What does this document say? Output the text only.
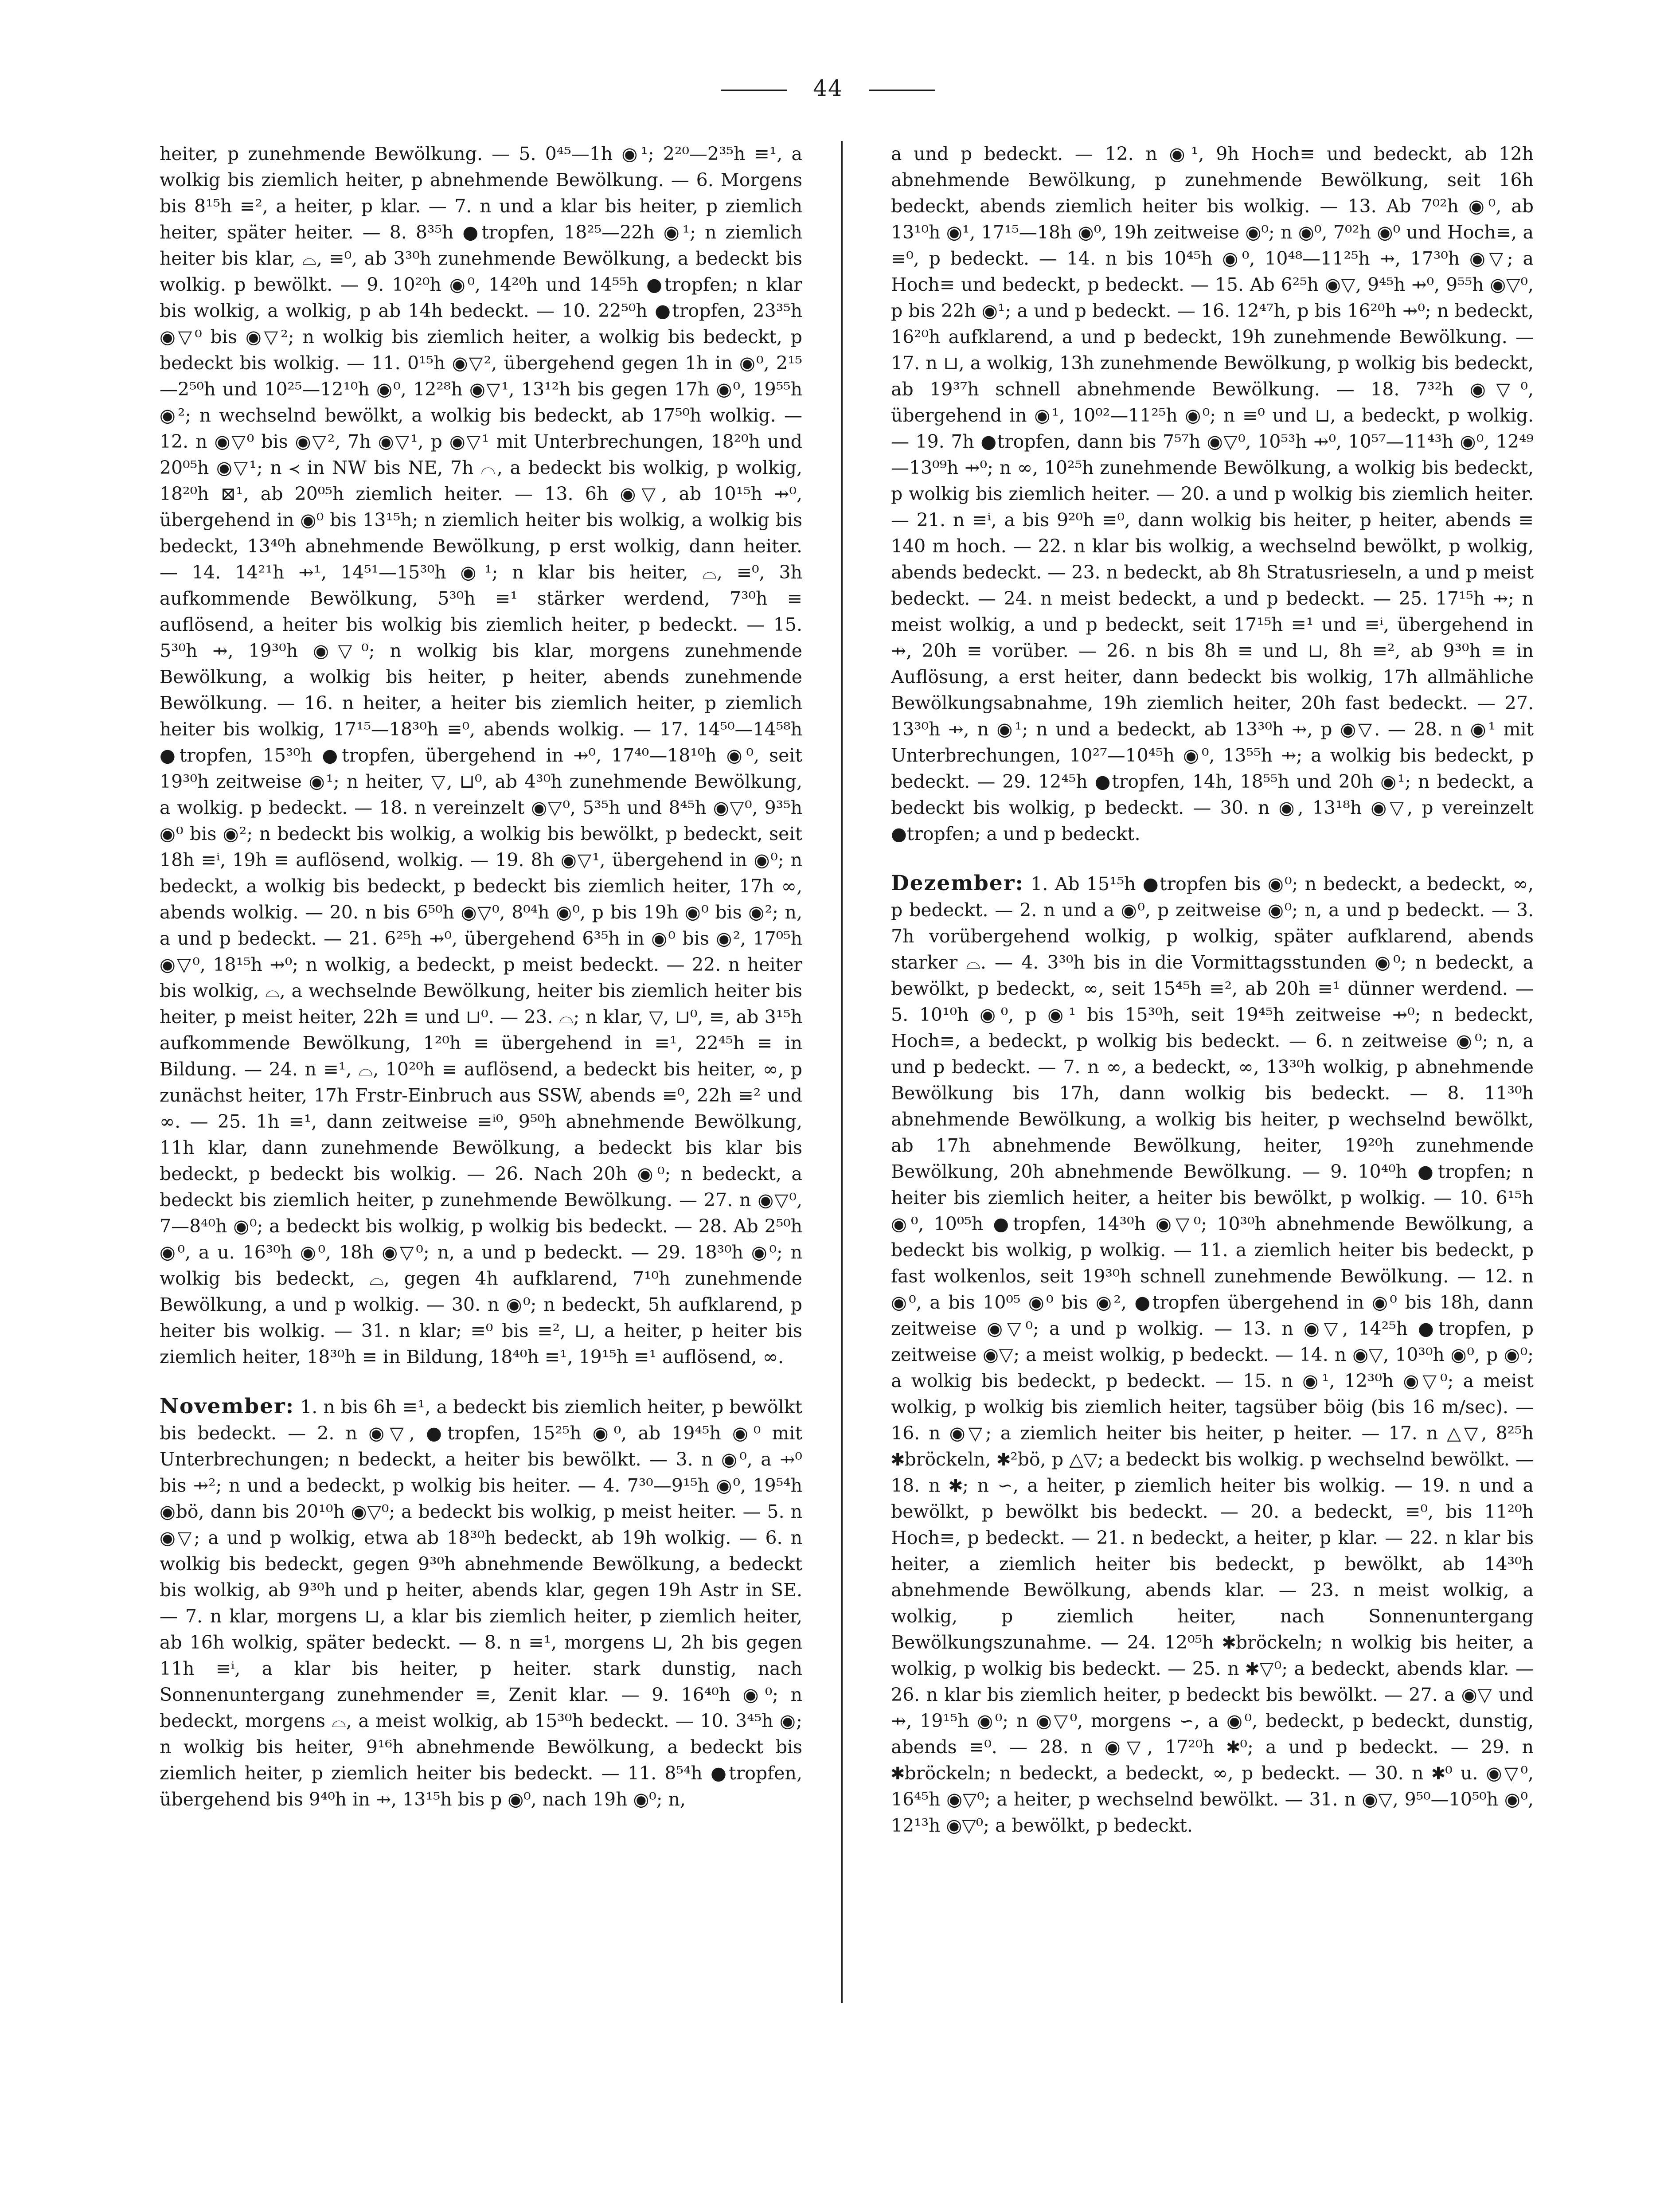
44

heiter, p zunehmende Bewölkung. — 5. 0⁴⁵—1h ◉¹; 2²⁰—2³⁵h ≡¹, a wolkig bis ziemlich heiter, p abnehmende Bewölkung. — 6. Morgens bis 8¹⁵h ≡², a heiter, p klar. — 7. n und a klar bis heiter, p ziemlich heiter, später heiter. — 8. 8³⁵h ●tropfen, 18²⁵—22h ◉¹; n ziemlich heiter bis klar, ⌓, ≡⁰, ab 3³⁰h zunehmende Bewölkung, a bedeckt bis wolkig. p bewölkt. — 9. 10²⁰h ◉⁰, 14²⁰h und 14⁵⁵h ●tropfen; n klar bis wolkig, a wolkig, p ab 14h bedeckt. — 10. 22⁵⁰h ●tropfen, 23³⁵h ◉▽⁰ bis ◉▽²; n wolkig bis ziemlich heiter, a wolkig bis bedeckt, p bedeckt bis wolkig. — 11. 0¹⁵h ◉▽², übergehend gegen 1h in ◉⁰, 2¹⁵—2⁵⁰h und 10²⁵—12¹⁰h ◉⁰, 12²⁸h ◉▽¹, 13¹²h bis gegen 17h ◉⁰, 19⁵⁵h ◉²; n wechselnd bewölkt, a wolkig bis bedeckt, ab 17⁵⁰h wolkig. — 12. n ◉▽⁰ bis ◉▽², 7h ◉▽¹, p ◉▽¹ mit Unterbrechungen, 18²⁰h und 20⁰⁵h ◉▽¹; n ≺ in NW bis NE, 7h ⌒, a bedeckt bis wolkig, p wolkig, 18²⁰h ⊠¹, ab 20⁰⁵h ziemlich heiter. — 13. 6h ◉▽, ab 10¹⁵h ⇸⁰, übergehend in ◉⁰ bis 13¹⁵h; n ziemlich heiter bis wolkig, a wolkig bis bedeckt, 13⁴⁰h abnehmende Bewölkung, p erst wolkig, dann heiter. — 14. 14²¹h ⇸¹, 14⁵¹—15³⁰h ◉¹; n klar bis heiter, ⌓, ≡⁰, 3h aufkommende Bewölkung, 5³⁰h ≡¹ stärker werdend, 7³⁰h ≡ auflösend, a heiter bis wolkig bis ziemlich heiter, p bedeckt. — 15. 5³⁰h ⇸, 19³⁰h ◉▽⁰; n wolkig bis klar, morgens zunehmende Bewölkung, a wolkig bis heiter, p heiter, abends zunehmende Bewölkung. — 16. n heiter, a heiter bis ziemlich heiter, p ziemlich heiter bis wolkig, 17¹⁵—18³⁰h ≡⁰, abends wolkig. — 17. 14⁵⁰—14⁵⁸h ●tropfen, 15³⁰h ●tropfen, übergehend in ⇸⁰, 17⁴⁰—18¹⁰h ◉⁰, seit 19³⁰h zeitweise ◉¹; n heiter, ▽, ⊔⁰, ab 4³⁰h zunehmende Bewölkung, a wolkig. p bedeckt. — 18. n vereinzelt ◉▽⁰, 5³⁵h und 8⁴⁵h ◉▽⁰, 9³⁵h ◉⁰ bis ◉²; n bedeckt bis wolkig, a wolkig bis bewölkt, p bedeckt, seit 18h ≡ⁱ, 19h ≡ auflösend, wolkig. — 19. 8h ◉▽¹, übergehend in ◉⁰; n bedeckt, a wolkig bis bedeckt, p bedeckt bis ziemlich heiter, 17h ∞, abends wolkig. — 20. n bis 6⁵⁰h ◉▽⁰, 8⁰⁴h ◉⁰, p bis 19h ◉⁰ bis ◉²; n, a und p bedeckt. — 21. 6²⁵h ⇸⁰, übergehend 6³⁵h in ◉⁰ bis ◉², 17⁰⁵h ◉▽⁰, 18¹⁵h ⇸⁰; n wolkig, a bedeckt, p meist bedeckt. — 22. n heiter bis wolkig, ⌓, a wechselnde Bewölkung, heiter bis ziemlich heiter bis heiter, p meist heiter, 22h ≡ und ⊔⁰. — 23. ⌓; n klar, ▽, ⊔⁰, ≡, ab 3¹⁵h aufkommende Bewölkung, 1²⁰h ≡ übergehend in ≡¹, 22⁴⁵h ≡ in Bildung. — 24. n ≡¹, ⌓, 10²⁰h ≡ auflösend, a bedeckt bis heiter, ∞, p zunächst heiter, 17h Frstr-Einbruch aus SSW, abends ≡⁰, 22h ≡² und ∞. — 25. 1h ≡¹, dann zeitweise ≡ⁱ⁰, 9⁵⁰h abnehmende Bewölkung, 11h klar, dann zunehmende Bewölkung, a bedeckt bis klar bis bedeckt, p bedeckt bis wolkig. — 26. Nach 20h ◉⁰; n bedeckt, a bedeckt bis ziemlich heiter, p zunehmende Bewölkung. — 27. n ◉▽⁰, 7—8⁴⁰h ◉⁰; a bedeckt bis wolkig, p wolkig bis bedeckt. — 28. Ab 2⁵⁰h ◉⁰, a u. 16³⁰h ◉⁰, 18h ◉▽⁰; n, a und p bedeckt. — 29. 18³⁰h ◉⁰; n wolkig bis bedeckt, ⌓, gegen 4h aufklarend, 7¹⁰h zunehmende Bewölkung, a und p wolkig. — 30. n ◉⁰; n bedeckt, 5h aufklarend, p heiter bis wolkig. — 31. n klar; ≡⁰ bis ≡², ⊔, a heiter, p heiter bis ziemlich heiter, 18³⁰h ≡ in Bildung, 18⁴⁰h ≡¹, 19¹⁵h ≡¹ auflösend, ∞.

November: 1. n bis 6h ≡¹, a bedeckt bis ziemlich heiter, p bewölkt bis bedeckt. — 2. n ◉▽, ●tropfen, 15²⁵h ◉⁰, ab 19⁴⁵h ◉⁰ mit Unterbrechungen; n bedeckt, a heiter bis bewölkt. — 3. n ◉⁰, a ⇸⁰ bis ⇸²; n und a bedeckt, p wolkig bis heiter. — 4. 7³⁰—9¹⁵h ◉⁰, 19⁵⁴h ◉bö, dann bis 20¹⁰h ◉▽⁰; a bedeckt bis wolkig, p meist heiter. — 5. n ◉▽; a und p wolkig, etwa ab 18³⁰h bedeckt, ab 19h wolkig. — 6. n wolkig bis bedeckt, gegen 9³⁰h abnehmende Bewölkung, a bedeckt bis wolkig, ab 9³⁰h und p heiter, abends klar, gegen 19h Astr in SE. — 7. n klar, morgens ⊔, a klar bis ziemlich heiter, p ziemlich heiter, ab 16h wolkig, später bedeckt. — 8. n ≡¹, morgens ⊔, 2h bis gegen 11h ≡ⁱ, a klar bis heiter, p heiter. stark dunstig, nach Sonnenuntergang zunehmender ≡, Zenit klar. — 9. 16⁴⁰h ◉⁰; n bedeckt, morgens ⌓, a meist wolkig, ab 15³⁰h bedeckt. — 10. 3⁴⁵h ◉; n wolkig bis heiter, 9¹⁶h abnehmende Bewölkung, a bedeckt bis ziemlich heiter, p ziemlich heiter bis bedeckt. — 11. 8⁵⁴h ●tropfen, übergehend bis 9⁴⁰h in ⇸, 13¹⁵h bis p ◉⁰, nach 19h ◉⁰; n,

a und p bedeckt. — 12. n ◉¹, 9h Hoch≡ und bedeckt, ab 12h abnehmende Bewölkung, p zunehmende Bewölkung, seit 16h bedeckt, abends ziemlich heiter bis wolkig. — 13. Ab 7⁰²h ◉⁰, ab 13¹⁰h ◉¹, 17¹⁵—18h ◉⁰, 19h zeitweise ◉⁰; n ◉⁰, 7⁰²h ◉⁰ und Hoch≡, a ≡⁰, p bedeckt. — 14. n bis 10⁴⁵h ◉⁰, 10⁴⁸—11²⁵h ⇸, 17³⁰h ◉▽; a Hoch≡ und bedeckt, p bedeckt. — 15. Ab 6²⁵h ◉▽, 9⁴⁵h ⇸⁰, 9⁵⁵h ◉▽⁰, p bis 22h ◉¹; a und p bedeckt. — 16. 12⁴⁷h, p bis 16²⁰h ⇸⁰; n bedeckt, 16²⁰h aufklarend, a und p bedeckt, 19h zunehmende Bewölkung. — 17. n ⊔, a wolkig, 13h zunehmende Bewölkung, p wolkig bis bedeckt, ab 19³⁷h schnell abnehmende Bewölkung. — 18. 7³²h ◉▽⁰, übergehend in ◉¹, 10⁰²—11²⁵h ◉⁰; n ≡⁰ und ⊔, a bedeckt, p wolkig. — 19. 7h ●tropfen, dann bis 7⁵⁷h ◉▽⁰, 10⁵³h ⇸⁰, 10⁵⁷—11⁴³h ◉⁰, 12⁴⁹—13⁰⁹h ⇸⁰; n ∞, 10²⁵h zunehmende Bewölkung, a wolkig bis bedeckt, p wolkig bis ziemlich heiter. — 20. a und p wolkig bis ziemlich heiter. — 21. n ≡ⁱ, a bis 9²⁰h ≡⁰, dann wolkig bis heiter, p heiter, abends ≡ 140 m hoch. — 22. n klar bis wolkig, a wechselnd bewölkt, p wolkig, abends bedeckt. — 23. n bedeckt, ab 8h Stratusrieseln, a und p meist bedeckt. — 24. n meist bedeckt, a und p bedeckt. — 25. 17¹⁵h ⇸; n meist wolkig, a und p bedeckt, seit 17¹⁵h ≡¹ und ≡ⁱ, übergehend in ⇸, 20h ≡ vorüber. — 26. n bis 8h ≡ und ⊔, 8h ≡², ab 9³⁰h ≡ in Auflösung, a erst heiter, dann bedeckt bis wolkig, 17h allmähliche Bewölkungsabnahme, 19h ziemlich heiter, 20h fast bedeckt. — 27. 13³⁰h ⇸, n ◉¹; n und a bedeckt, ab 13³⁰h ⇸, p ◉▽. — 28. n ◉¹ mit Unterbrechungen, 10²⁷—10⁴⁵h ◉⁰, 13⁵⁵h ⇸; a wolkig bis bedeckt, p bedeckt. — 29. 12⁴⁵h ●tropfen, 14h, 18⁵⁵h und 20h ◉¹; n bedeckt, a bedeckt bis wolkig, p bedeckt. — 30. n ◉, 13¹⁸h ◉▽, p vereinzelt ●tropfen; a und p bedeckt.

Dezember: 1. Ab 15¹⁵h ●tropfen bis ◉⁰; n bedeckt, a bedeckt, ∞, p bedeckt. — 2. n und a ◉⁰, p zeitweise ◉⁰; n, a und p bedeckt. — 3. 7h vorübergehend wolkig, p wolkig, später aufklarend, abends starker ⌓. — 4. 3³⁰h bis in die Vormittagsstunden ◉⁰; n bedeckt, a bewölkt, p bedeckt, ∞, seit 15⁴⁵h ≡², ab 20h ≡¹ dünner werdend. — 5. 10¹⁰h ◉⁰, p ◉¹ bis 15³⁰h, seit 19⁴⁵h zeitweise ⇸⁰; n bedeckt, Hoch≡, a bedeckt, p wolkig bis bedeckt. — 6. n zeitweise ◉⁰; n, a und p bedeckt. — 7. n ∞, a bedeckt, ∞, 13³⁰h wolkig, p abnehmende Bewölkung bis 17h, dann wolkig bis bedeckt. — 8. 11³⁰h abnehmende Bewölkung, a wolkig bis heiter, p wechselnd bewölkt, ab 17h abnehmende Bewölkung, heiter, 19²⁰h zunehmende Bewölkung, 20h abnehmende Bewölkung. — 9. 10⁴⁰h ●tropfen; n heiter bis ziemlich heiter, a heiter bis bewölkt, p wolkig. — 10. 6¹⁵h ◉⁰, 10⁰⁵h ●tropfen, 14³⁰h ◉▽⁰; 10³⁰h abnehmende Bewölkung, a bedeckt bis wolkig, p wolkig. — 11. a ziemlich heiter bis bedeckt, p fast wolkenlos, seit 19³⁰h schnell zunehmende Bewölkung. — 12. n ◉⁰, a bis 10⁰⁵ ◉⁰ bis ◉², ●tropfen übergehend in ◉⁰ bis 18h, dann zeitweise ◉▽⁰; a und p wolkig. — 13. n ◉▽, 14²⁵h ●tropfen, p zeitweise ◉▽; a meist wolkig, p bedeckt. — 14. n ◉▽, 10³⁰h ◉⁰, p ◉⁰; a wolkig bis bedeckt, p bedeckt. — 15. n ◉¹, 12³⁰h ◉▽⁰; a meist wolkig, p wolkig bis ziemlich heiter, tagsüber böig (bis 16 m/sec). — 16. n ◉▽; a ziemlich heiter bis heiter, p heiter. — 17. n △▽, 8²⁵h ✱bröckeln, ✱²bö, p △▽; a bedeckt bis wolkig. p wechselnd bewölkt. — 18. n ✱; n ∽, a heiter, p ziemlich heiter bis wolkig. — 19. n und a bewölkt, p bewölkt bis bedeckt. — 20. a bedeckt, ≡⁰, bis 11²⁰h Hoch≡, p bedeckt. — 21. n bedeckt, a heiter, p klar. — 22. n klar bis heiter, a ziemlich heiter bis bedeckt, p bewölkt, ab 14³⁰h abnehmende Bewölkung, abends klar. — 23. n meist wolkig, a wolkig, p ziemlich heiter, nach Sonnenuntergang Bewölkungszunahme. — 24. 12⁰⁵h ✱bröckeln; n wolkig bis heiter, a wolkig, p wolkig bis bedeckt. — 25. n ✱▽⁰; a bedeckt, abends klar. — 26. n klar bis ziemlich heiter, p bedeckt bis bewölkt. — 27. a ◉▽ und ⇸, 19¹⁵h ◉⁰; n ◉▽⁰, morgens ∽, a ◉⁰, bedeckt, p bedeckt, dunstig, abends ≡⁰. — 28. n ◉▽, 17²⁰h ✱⁰; a und p bedeckt. — 29. n ✱bröckeln; n bedeckt, a bedeckt, ∞, p bedeckt. — 30. n ✱⁰ u. ◉▽⁰, 16⁴⁵h ◉▽⁰; a heiter, p wechselnd bewölkt. — 31. n ◉▽, 9⁵⁰—10⁵⁰h ◉⁰, 12¹³h ◉▽⁰; a bewölkt, p bedeckt.
